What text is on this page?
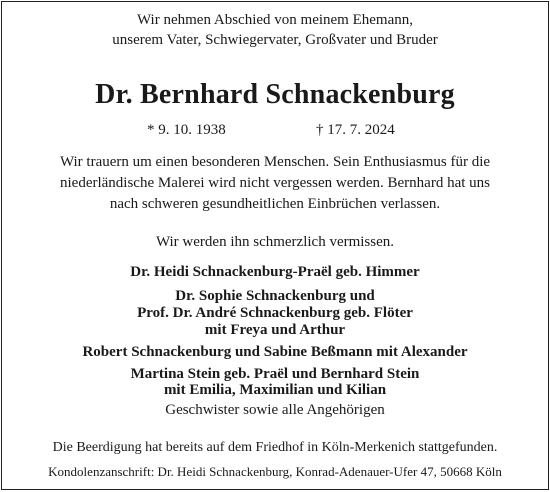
Wir nehmen Abschied von meinem Ehemann,
unserem Vater, Schwiegervater, Großvater und Bruder
Dr. Bernhard Schnackenburg
* 9. 10. 1938	† 17. 7. 2024
Wir trauern um einen besonderen Menschen. Sein Enthusiasmus für die
niederländische Malerei wird nicht vergessen werden. Bernhard hat uns
nach schweren gesundheitlichen Einbrüchen verlassen.
Wir werden ihn schmerzlich vermissen.
Dr. Heidi Schnackenburg-Praël geb. Himmer
Dr. Sophie Schnackenburg und
Prof. Dr. André Schnackenburg geb. Flöter
mit Freya und Arthur
Robert Schnackenburg und Sabine Beßmann mit Alexander
Martina Stein geb. Praël und Bernhard Stein
mit Emilia, Maximilian und Kilian
Geschwister sowie alle Angehörigen
Die Beerdigung hat bereits auf dem Friedhof in Köln-Merkenich stattgefunden.
Kondolenzanschrift: Dr. Heidi Schnackenburg, Konrad-Adenauer-Ufer 47, 50668 Köln
